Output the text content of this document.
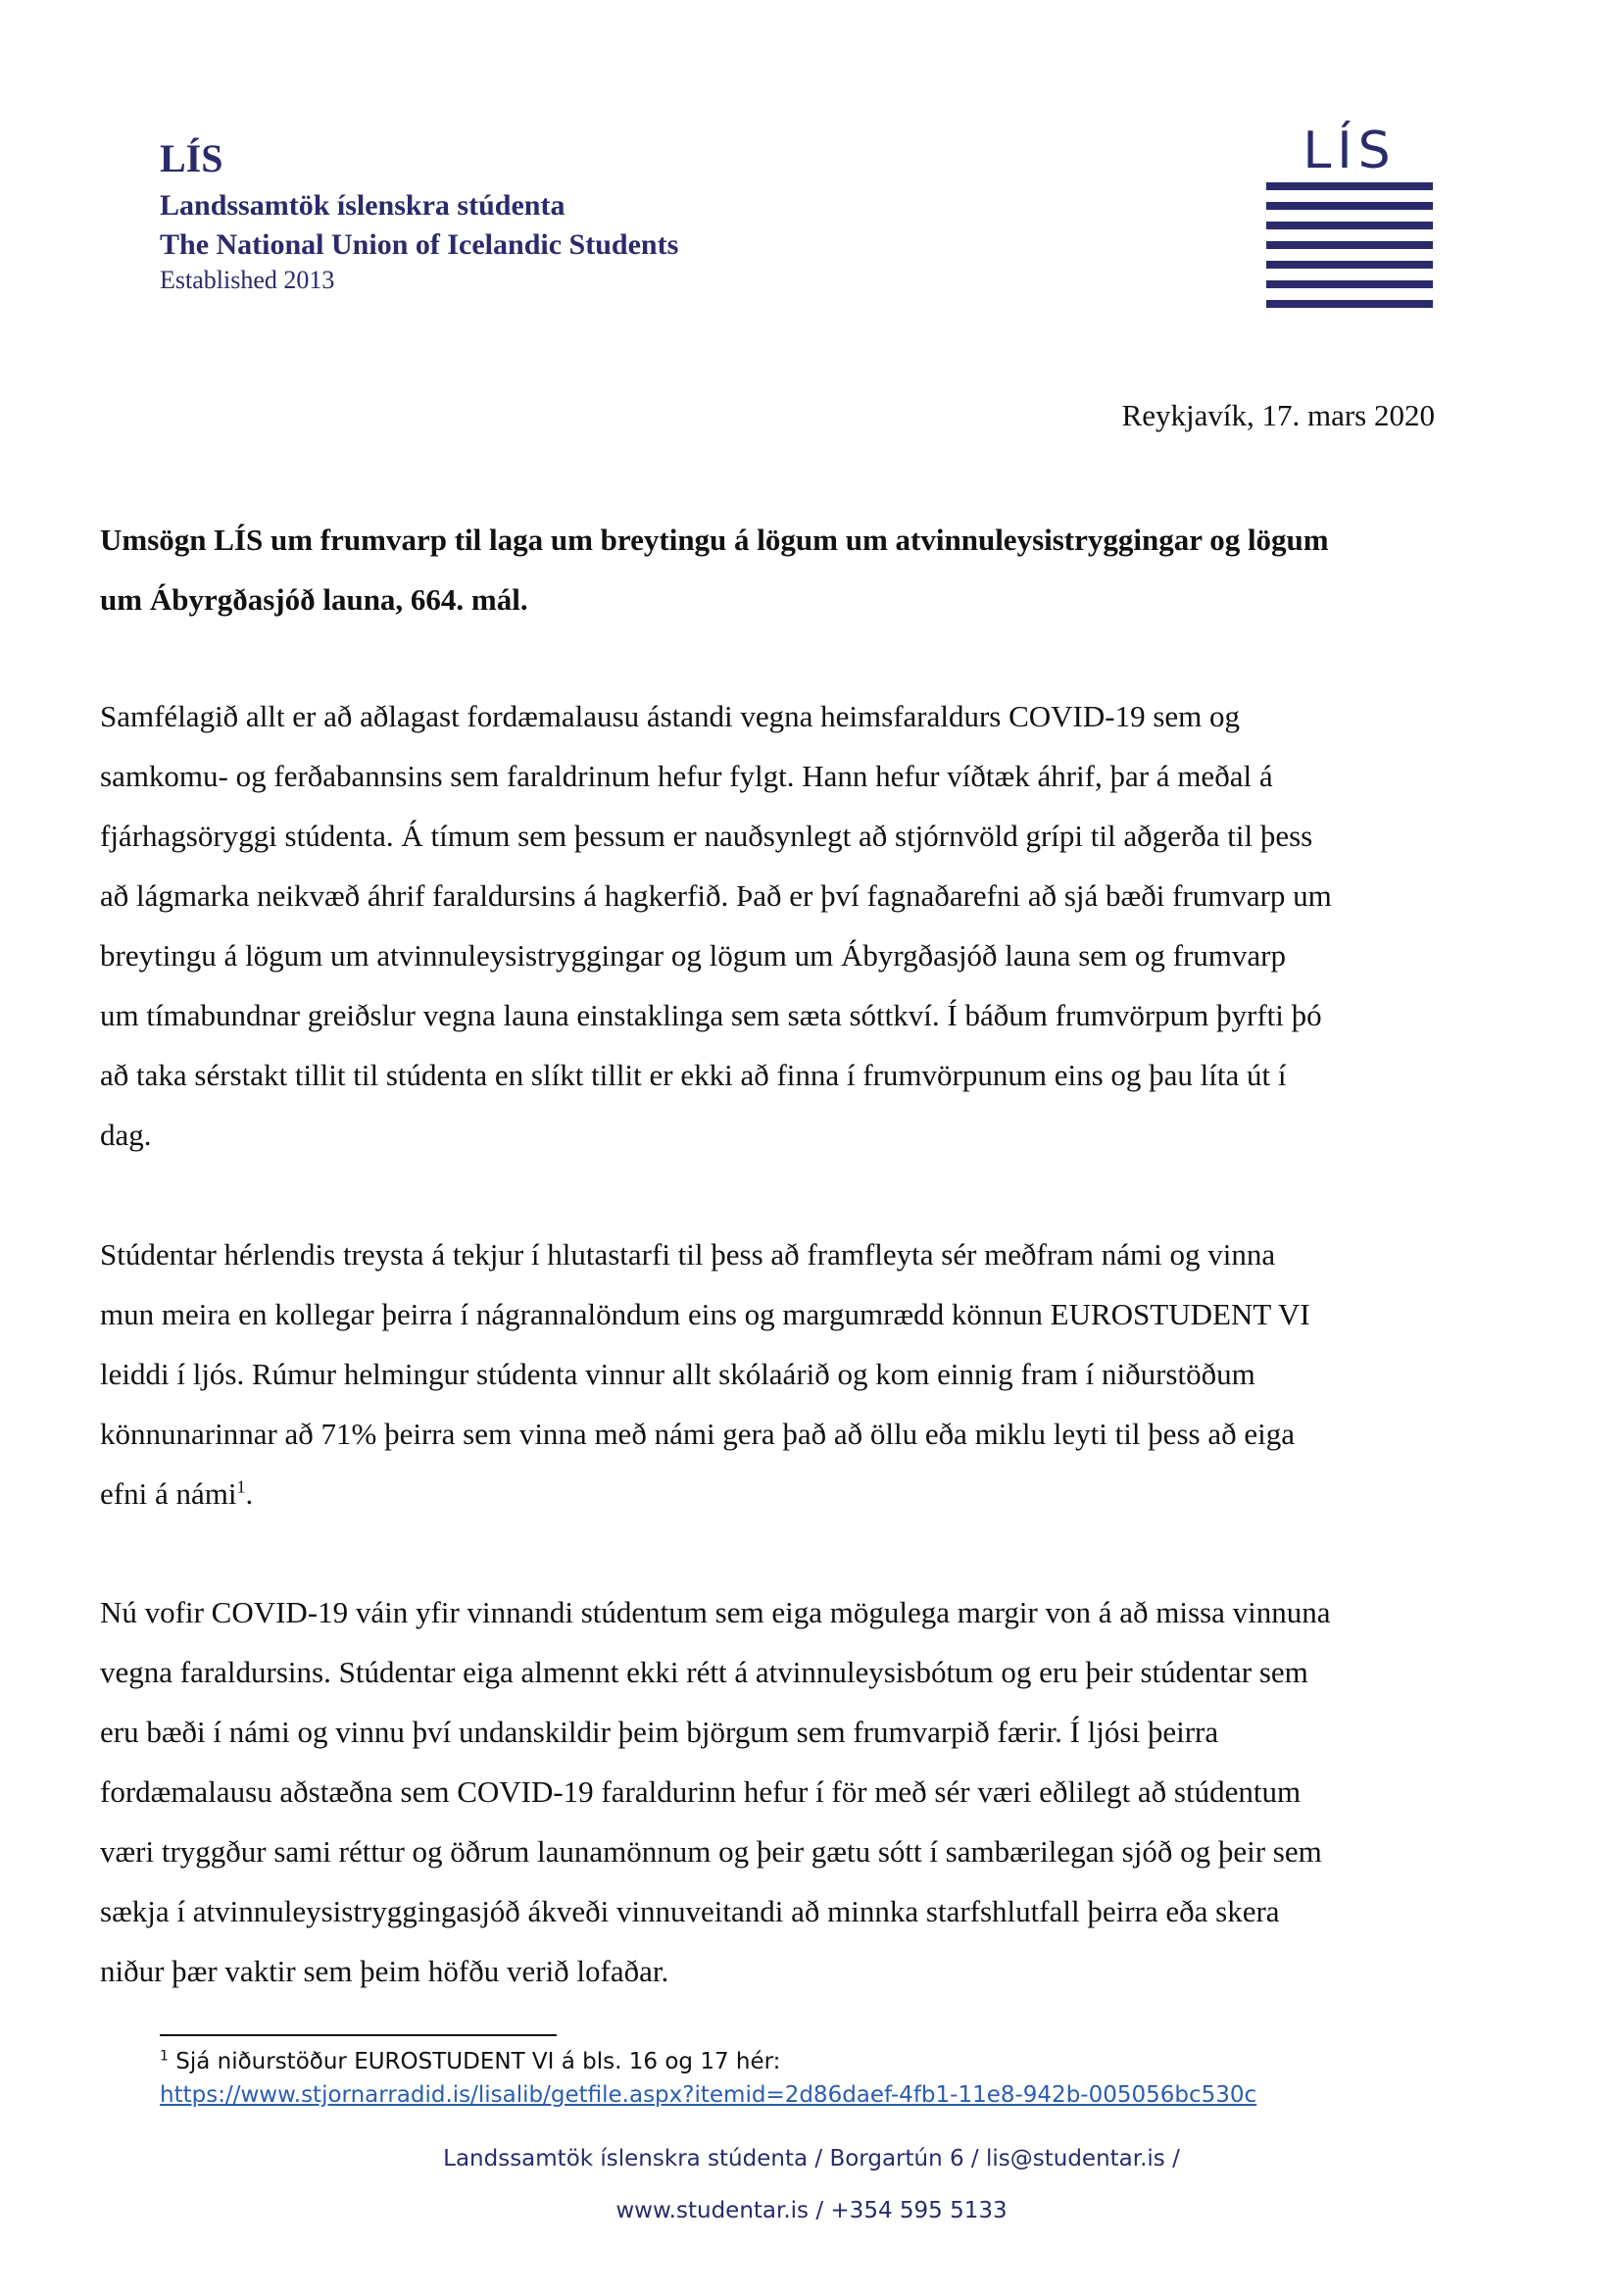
LÍS
Landssamtök íslenskra stúdenta
The National Union of Icelandic Students
Established 2013
LÍS
Reykjavík, 17. mars 2020
Umsögn LÍS um frumvarp til laga um breytingu á lögum um atvinnuleysistryggingar og lögum
um Ábyrgðasjóð launa, 664. mál.
Samfélagið allt er að aðlagast fordæmalausu ástandi vegna heimsfaraldurs COVID-19 sem og
samkomu- og ferðabannsins sem faraldrinum hefur fylgt. Hann hefur víðtæk áhrif, þar á meðal á
fjárhagsöryggi stúdenta. Á tímum sem þessum er nauðsynlegt að stjórnvöld grípi til aðgerða til þess
að lágmarka neikvæð áhrif faraldursins á hagkerfið. Það er því fagnaðarefni að sjá bæði frumvarp um
breytingu á lögum um atvinnuleysistryggingar og lögum um Ábyrgðasjóð launa sem og frumvarp
um tímabundnar greiðslur vegna launa einstaklinga sem sæta sóttkví. Í báðum frumvörpum þyrfti þó
að taka sérstakt tillit til stúdenta en slíkt tillit er ekki að finna í frumvörpunum eins og þau líta út í
dag.
Stúdentar hérlendis treysta á tekjur í hlutastarfi til þess að framfleyta sér meðfram námi og vinna
mun meira en kollegar þeirra í nágrannalöndum eins og margumrædd könnun EUROSTUDENT VI
leiddi í ljós. Rúmur helmingur stúdenta vinnur allt skólaárið og kom einnig fram í niðurstöðum
könnunarinnar að 71% þeirra sem vinna með námi gera það að öllu eða miklu leyti til þess að eiga
efni á námi$^1$.
Nú vofir COVID-19 váin yfir vinnandi stúdentum sem eiga mögulega margir von á að missa vinnuna
vegna faraldursins. Stúdentar eiga almennt ekki rétt á atvinnuleysisbótum og eru þeir stúdentar sem
eru bæði í námi og vinnu því undanskildir þeim björgum sem frumvarpið færir. Í ljósi þeirra
fordæmalausu aðstæðna sem COVID-19 faraldurinn hefur í för með sér væri eðlilegt að stúdentum
væri tryggður sami réttur og öðrum launamönnum og þeir gætu sótt í sambærilegan sjóð og þeir sem
sækja í atvinnuleysistryggingasjóð ákveði vinnuveitandi að minnka starfshlutfall þeirra eða skera
niður þær vaktir sem þeim höfðu verið lofaðar.
$^1$ Sjá niðurstöður EUROSTUDENT VI á bls. 16 og 17 hér:
https://www.stjornarradid.is/lisalib/getfile.aspx?itemid=2d86daef-4fb1-11e8-942b-005056bc530c
Landssamtök íslenskra stúdenta / Borgartún 6 / lis@studentar.is /
www.studentar.is / +354 595 5133
